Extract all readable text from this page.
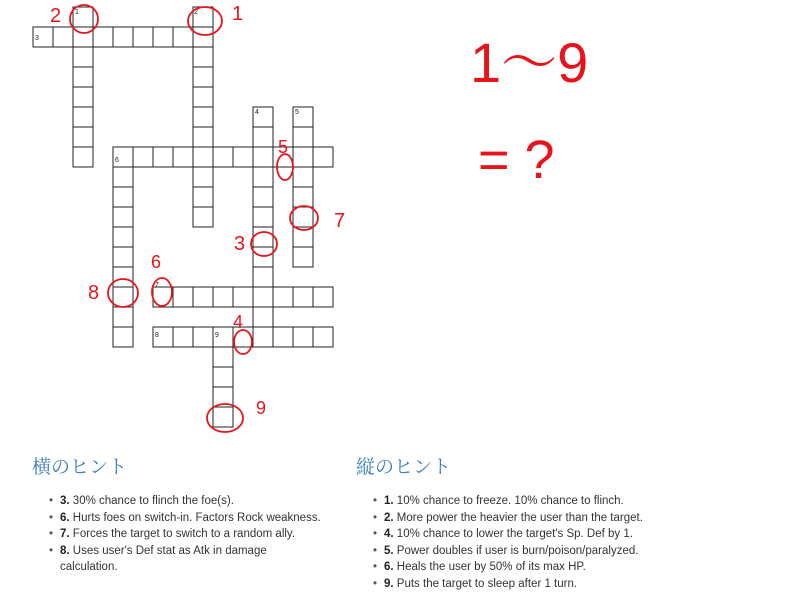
1	2
3
4	5
6
7
8	9
2	1
5
7
3
6
8
4
9
1〜9
= ?
横のヒント
• 3. 30% chance to flinch the foe(s).
• 6. Hurts foes on switch-in. Factors Rock weakness.
• 7. Forces the target to switch to a random ally.
• 8. Uses user's Def stat as Atk in damage calculation.
縦のヒント
• 1. 10% chance to freeze. 10% chance to flinch.
• 2. More power the heavier the user than the target.
• 4. 10% chance to lower the target's Sp. Def by 1.
• 5. Power doubles if user is burn/poison/paralyzed.
• 6. Heals the user by 50% of its max HP.
• 9. Puts the target to sleep after 1 turn.
